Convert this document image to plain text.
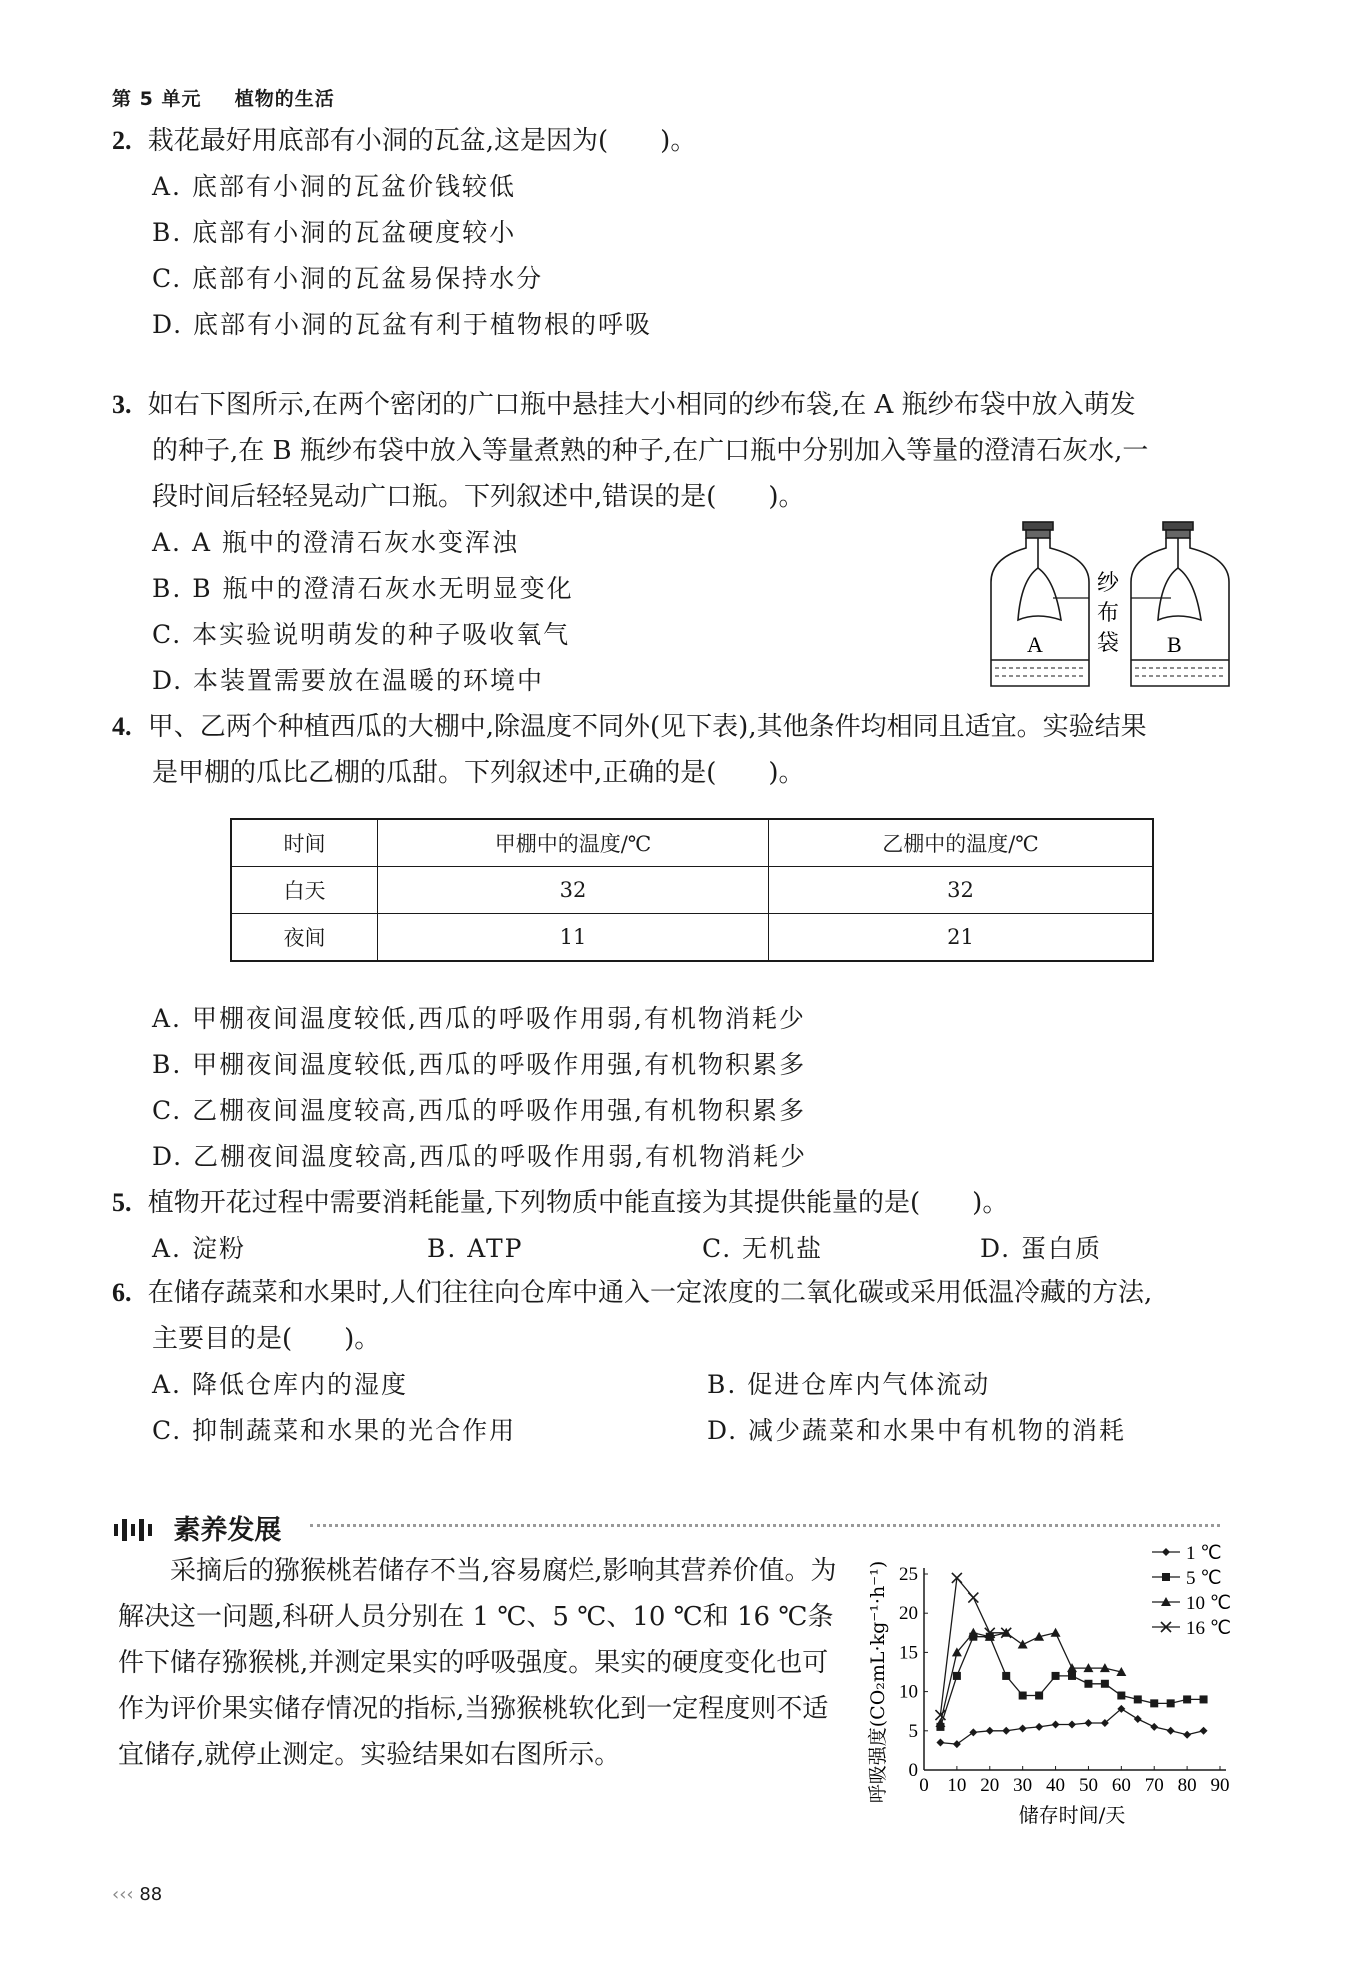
第 5 单元 植物的生活
2. 栽花最好用底部有小洞的瓦盆,这是因为(　　)。
A. 底部有小洞的瓦盆价钱较低
B. 底部有小洞的瓦盆硬度较小
C. 底部有小洞的瓦盆易保持水分
D. 底部有小洞的瓦盆有利于植物根的呼吸
3. 如右下图所示,在两个密闭的广口瓶中悬挂大小相同的纱布袋,在 A 瓶纱布袋中放入萌发
的种子,在 B 瓶纱布袋中放入等量煮熟的种子,在广口瓶中分别加入等量的澄清石灰水,一
段时间后轻轻晃动广口瓶。下列叙述中,错误的是(　　)。
A. A 瓶中的澄清石灰水变浑浊
B. B 瓶中的澄清石灰水无明显变化
C. 本实验说明萌发的种子吸收氧气
D. 本装置需要放在温暖的环境中
A	B
纱
布
袋
4. 甲、乙两个种植西瓜的大棚中,除温度不同外(见下表),其他条件均相同且适宜。实验结果
是甲棚的瓜比乙棚的瓜甜。下列叙述中,正确的是(　　)。
时间	甲棚中的温度/℃	乙棚中的温度/℃
白天	32	32
夜间	11	21
A. 甲棚夜间温度较低,西瓜的呼吸作用弱,有机物消耗少
B. 甲棚夜间温度较低,西瓜的呼吸作用强,有机物积累多
C. 乙棚夜间温度较高,西瓜的呼吸作用强,有机物积累多
D. 乙棚夜间温度较高,西瓜的呼吸作用弱,有机物消耗少
5. 植物开花过程中需要消耗能量,下列物质中能直接为其提供能量的是(　　)。
A. 淀粉	B. ATP	C. 无机盐	D. 蛋白质
6. 在储存蔬菜和水果时,人们往往向仓库中通入一定浓度的二氧化碳或采用低温冷藏的方法,
主要目的是(　　)。
A. 降低仓库内的湿度	B. 促进仓库内气体流动
C. 抑制蔬菜和水果的光合作用	D. 减少蔬菜和水果中有机物的消耗
素养发展
采摘后的猕猴桃若储存不当,容易腐烂,影响其营养价值。为解决这一问题,科研人员分别在 1 ℃、5 ℃、10 ℃和 16 ℃条件下储存猕猴桃,并测定果实的呼吸强度。果实的硬度变化也可作为评价果实储存情况的指标,当猕猴桃软化到一定程度则不适宜储存,就停止测定。实验结果如右图所示。
0 10 20 30 40 50 60 70 80 90
0
5
10
15
20
25
储存时间/天
呼吸强度(CO₂mL·kg⁻¹·h⁻¹)
1 ℃
5 ℃
10 ℃
16 ℃
‹‹‹ 88
